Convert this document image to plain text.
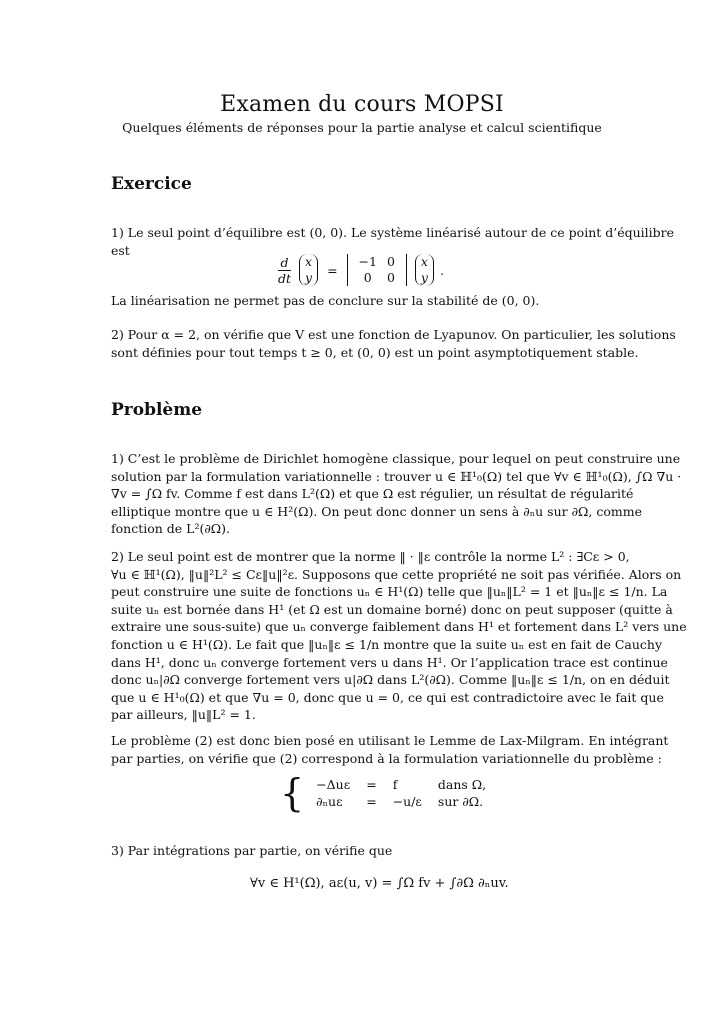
Examen du cours MOPSI
Quelques éléments de réponses pour la partie analyse et calcul scientifique
Exercice
1) Le seul point d’équilibre est (0, 0). Le système linéarisé autour de ce point d’équilibre
est
$\frac{d}{dt}$ x
y =
−1	0
0	0
x
y .
La linéarisation ne permet pas de conclure sur la stabilité de (0, 0).
2) Pour α = 2, on vérifie que V est une fonction de Lyapunov. On particulier, les solutions
sont définies pour tout temps t ≥ 0, et (0, 0) est un point asymptotiquement stable.
Problème
1) C’est le problème de Dirichlet homogène classique, pour lequel on peut construire une
solution par la formulation variationnelle : trouver u ∈ ℍ¹₀(Ω) tel que ∀v ∈ ℍ¹₀(Ω), ∫Ω ∇u ·
∇v = ∫Ω fv. Comme f est dans L²(Ω) et que Ω est régulier, un résultat de régularité
elliptique montre que u ∈ H²(Ω). On peut donc donner un sens à ∂ₙu sur ∂Ω, comme
fonction de L²(∂Ω).
2) Le seul point est de montrer que la norme ‖ · ‖ε contrôle la norme L² : ∃Cε > 0,
∀u ∈ ℍ¹(Ω), ‖u‖²L² ≤ Cε‖u‖²ε. Supposons que cette propriété ne soit pas vérifiée. Alors on
peut construire une suite de fonctions uₙ ∈ H¹(Ω) telle que ‖uₙ‖L² = 1 et ‖uₙ‖ε ≤ 1/n. La
suite uₙ est bornée dans H¹ (et Ω est un domaine borné) donc on peut supposer (quitte à
extraire une sous-suite) que uₙ converge faiblement dans H¹ et fortement dans L² vers une
fonction u ∈ H¹(Ω). Le fait que ‖uₙ‖ε ≤ 1/n montre que la suite uₙ est en fait de Cauchy
dans H¹, donc uₙ converge fortement vers u dans H¹. Or l’application trace est continue
donc uₙ|∂Ω converge fortement vers u|∂Ω dans L²(∂Ω). Comme ‖uₙ‖ε ≤ 1/n, on en déduit
que u ∈ H¹₀(Ω) et que ∇u = 0, donc que u = 0, ce qui est contradictoire avec le fait que
par ailleurs, ‖u‖L² = 1.
Le problème (2) est donc bien posé en utilisant le Lemme de Lax-Milgram. En intégrant
par parties, on vérifie que (2) correspond à la formulation variationnelle du problème :
{ −Δuε	=	f	dans Ω,
∂ₙuε	=	−u/ε	sur ∂Ω.
3) Par intégrations par partie, on vérifie que
∀v ∈ H¹(Ω), aε(u, v) = ∫Ω fv + ∫∂Ω ∂ₙuv.
